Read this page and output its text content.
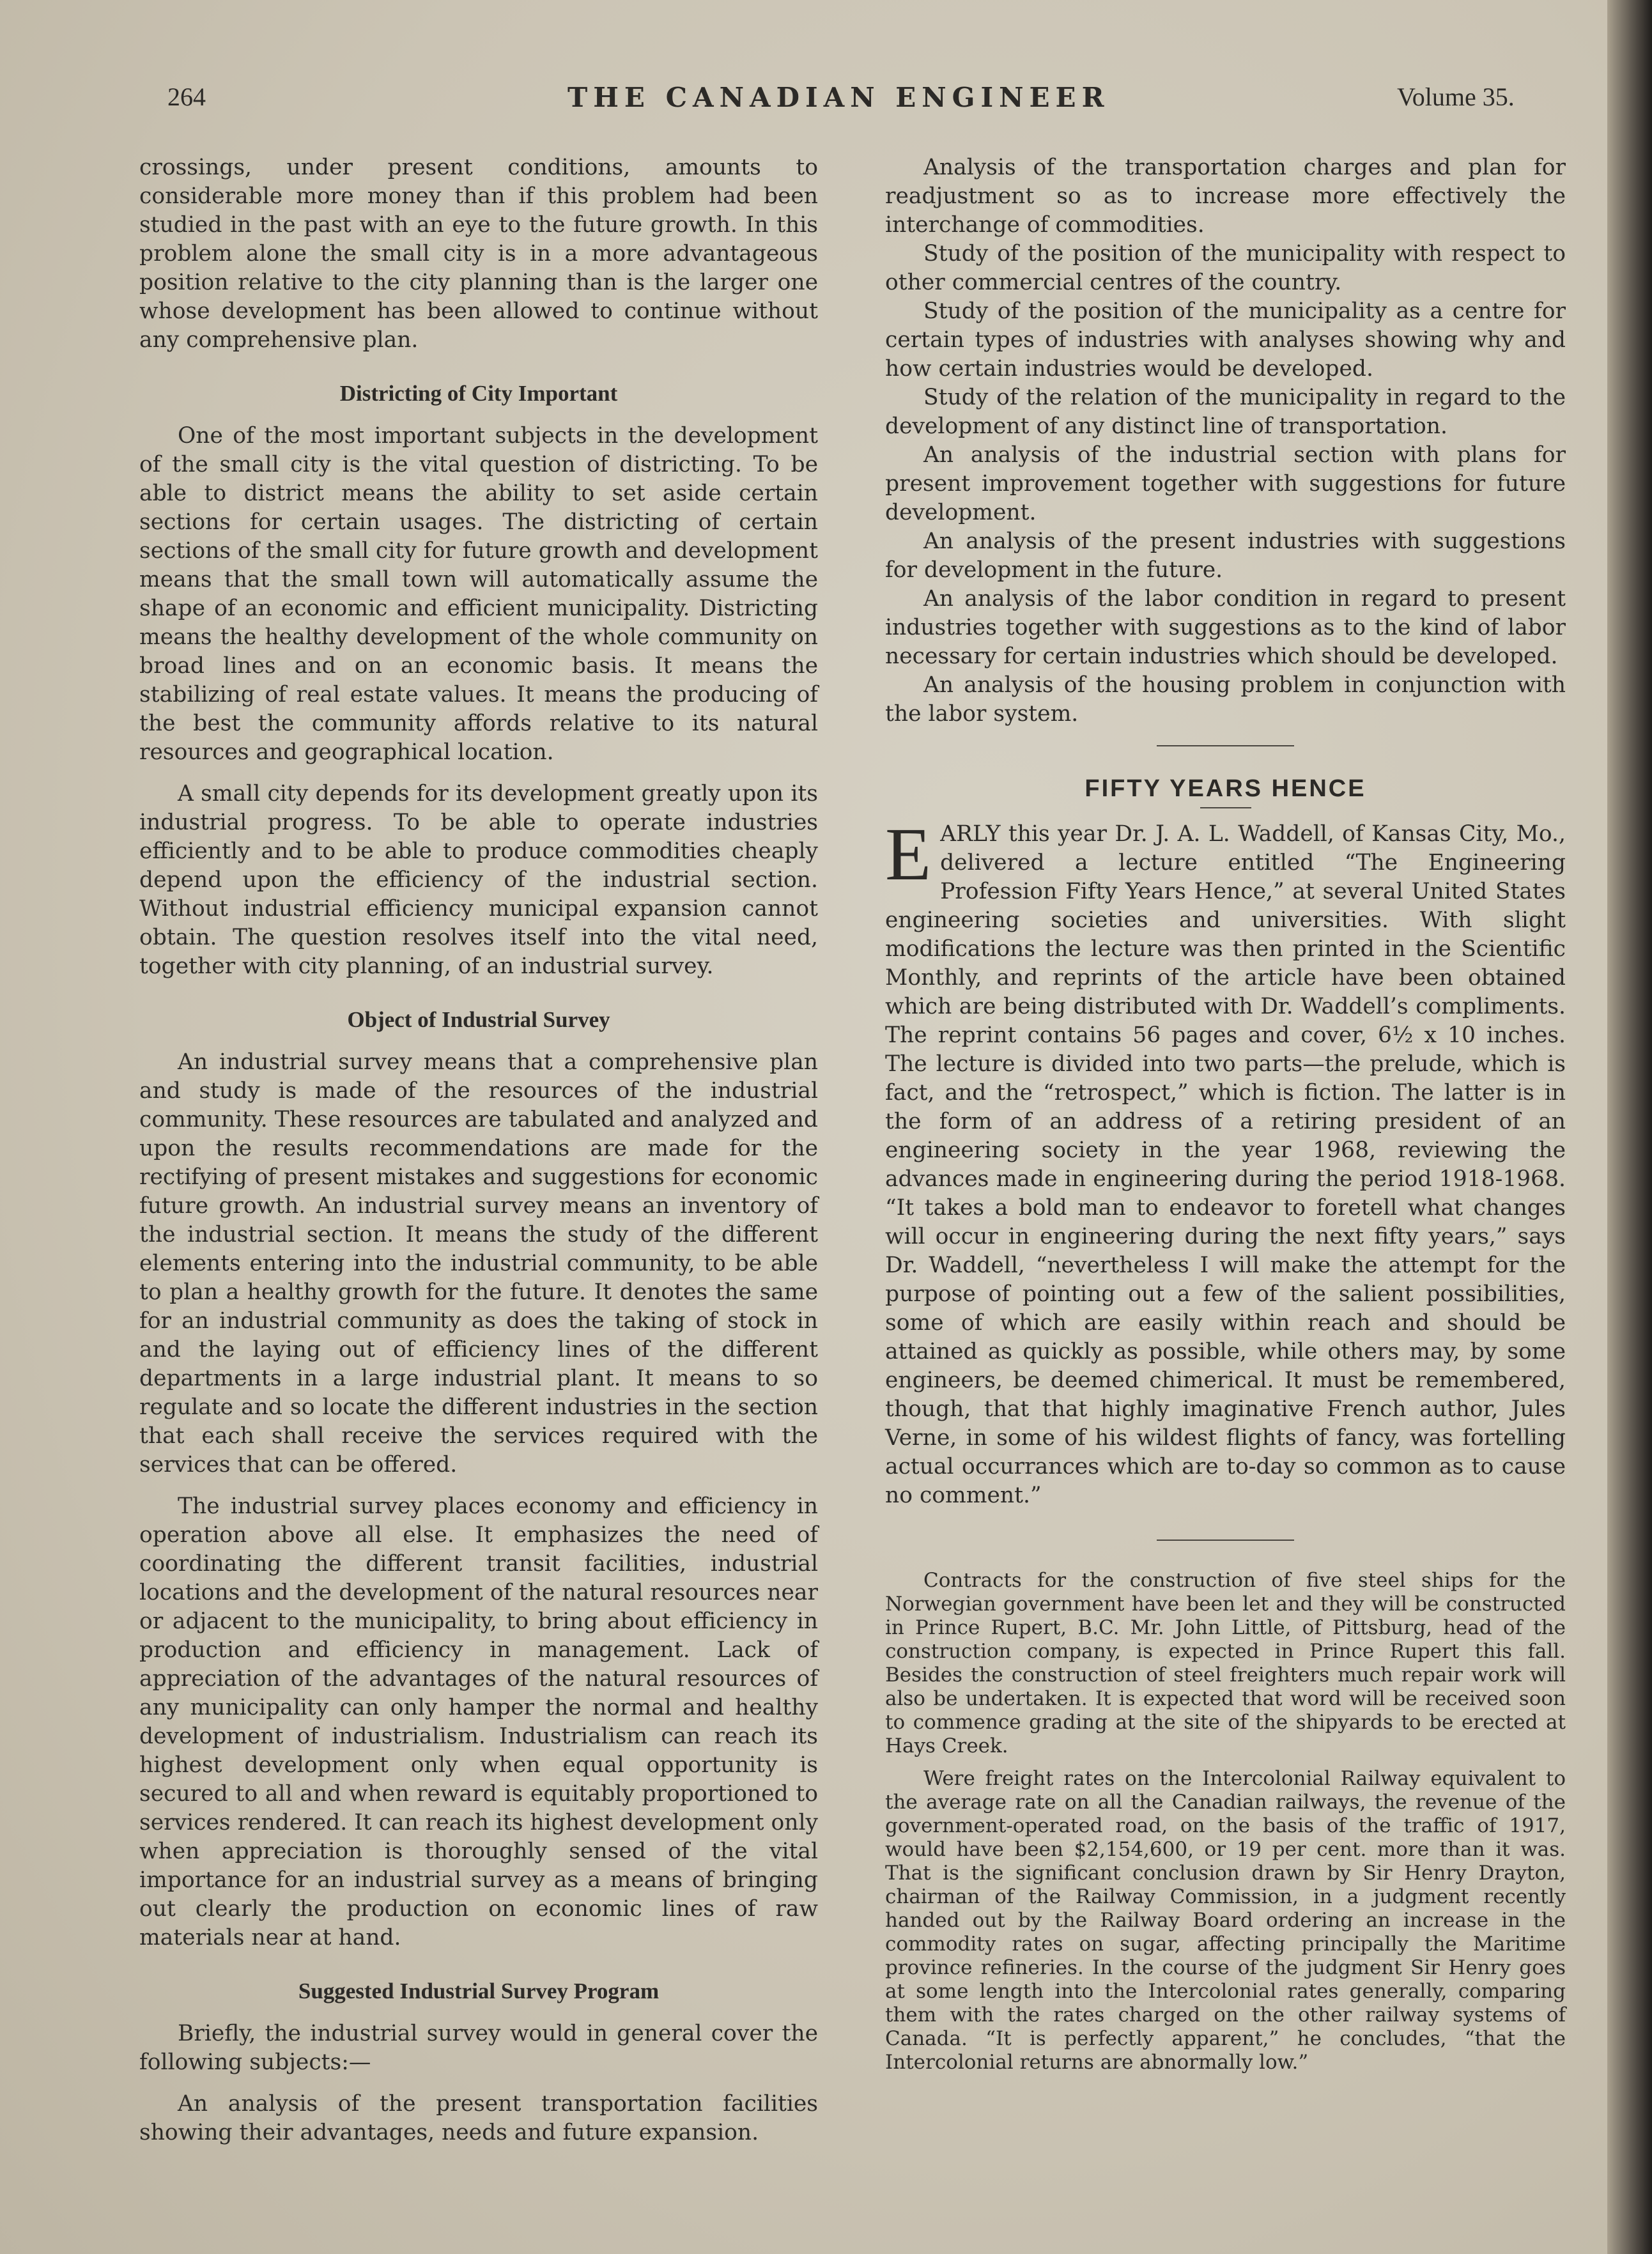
264	THE CANADIAN ENGINEER	Volume 35.

crossings, under present conditions, amounts to considerable more money than if this problem had been studied in the past with an eye to the future growth. In this problem alone the small city is in a more advantageous position relative to the city planning than is the larger one whose development has been allowed to continue without any comprehensive plan.

Districting of City Important

One of the most important subjects in the development of the small city is the vital question of districting. To be able to district means the ability to set aside certain sections for certain usages. The districting of certain sections of the small city for future growth and development means that the small town will automatically assume the shape of an economic and efficient municipality. Districting means the healthy development of the whole community on broad lines and on an economic basis. It means the stabilizing of real estate values. It means the producing of the best the community affords relative to its natural resources and geographical location.

A small city depends for its development greatly upon its industrial progress. To be able to operate industries efficiently and to be able to produce commodities cheaply depend upon the efficiency of the industrial section. Without industrial efficiency municipal expansion cannot obtain. The question resolves itself into the vital need, together with city planning, of an industrial survey.

Object of Industrial Survey

An industrial survey means that a comprehensive plan and study is made of the resources of the industrial community. These resources are tabulated and analyzed and upon the results recommendations are made for the rectifying of present mistakes and suggestions for economic future growth. An industrial survey means an inventory of the industrial section. It means the study of the different elements entering into the industrial community, to be able to plan a healthy growth for the future. It denotes the same for an industrial community as does the taking of stock in and the laying out of efficiency lines of the different departments in a large industrial plant. It means to so regulate and so locate the different industries in the section that each shall receive the services required with the services that can be offered.

The industrial survey places economy and efficiency in operation above all else. It emphasizes the need of coordinating the different transit facilities, industrial locations and the development of the natural resources near or adjacent to the municipality, to bring about efficiency in production and efficiency in management. Lack of appreciation of the advantages of the natural resources of any municipality can only hamper the normal and healthy development of industrialism. Industrialism can reach its highest development only when equal opportunity is secured to all and when reward is equitably proportioned to services rendered. It can reach its highest development only when appreciation is thoroughly sensed of the vital importance for an industrial survey as a means of bringing out clearly the production on economic lines of raw materials near at hand.

Suggested Industrial Survey Program

Briefly, the industrial survey would in general cover the following subjects:—

An analysis of the present transportation facilities showing their advantages, needs and future expansion.

Analysis of the transportation charges and plan for readjustment so as to increase more effectively the interchange of commodities.

Study of the position of the municipality with respect to other commercial centres of the country.

Study of the position of the municipality as a centre for certain types of industries with analyses showing why and how certain industries would be developed.

Study of the relation of the municipality in regard to the development of any distinct line of transportation.

An analysis of the industrial section with plans for present improvement together with suggestions for future development.

An analysis of the present industries with suggestions for development in the future.

An analysis of the labor condition in regard to present industries together with suggestions as to the kind of labor necessary for certain industries which should be developed.

An analysis of the housing problem in conjunction with the labor system.

FIFTY YEARS HENCE

EARLY this year Dr. J. A. L. Waddell, of Kansas City, Mo., delivered a lecture entitled “The Engineering Profession Fifty Years Hence,” at several United States engineering societies and universities. With slight modifications the lecture was then printed in the Scientific Monthly, and reprints of the article have been obtained which are being distributed with Dr. Waddell’s compliments. The reprint contains 56 pages and cover, 6½ x 10 inches. The lecture is divided into two parts—the prelude, which is fact, and the “retrospect,” which is fiction. The latter is in the form of an address of a retiring president of an engineering society in the year 1968, reviewing the advances made in engineering during the period 1918-1968. “It takes a bold man to endeavor to foretell what changes will occur in engineering during the next fifty years,” says Dr. Waddell, “nevertheless I will make the attempt for the purpose of pointing out a few of the salient possibilities, some of which are easily within reach and should be attained as quickly as possible, while others may, by some engineers, be deemed chimerical. It must be remembered, though, that that highly imaginative French author, Jules Verne, in some of his wildest flights of fancy, was fortelling actual occurrances which are to-day so common as to cause no comment.”

Contracts for the construction of five steel ships for the Norwegian government have been let and they will be constructed in Prince Rupert, B.C. Mr. John Little, of Pittsburg, head of the construction company, is expected in Prince Rupert this fall. Besides the construction of steel freighters much repair work will also be undertaken. It is expected that word will be received soon to commence grading at the site of the shipyards to be erected at Hays Creek.

Were freight rates on the Intercolonial Railway equivalent to the average rate on all the Canadian railways, the revenue of the government-operated road, on the basis of the traffic of 1917, would have been $2,154,600, or 19 per cent. more than it was. That is the significant conclusion drawn by Sir Henry Drayton, chairman of the Railway Commission, in a judgment recently handed out by the Railway Board ordering an increase in the commodity rates on sugar, affecting principally the Maritime province refineries. In the course of the judgment Sir Henry goes at some length into the Intercolonial rates generally, comparing them with the rates charged on the other railway systems of Canada. “It is perfectly apparent,” he concludes, “that the Intercolonial returns are abnormally low.”
